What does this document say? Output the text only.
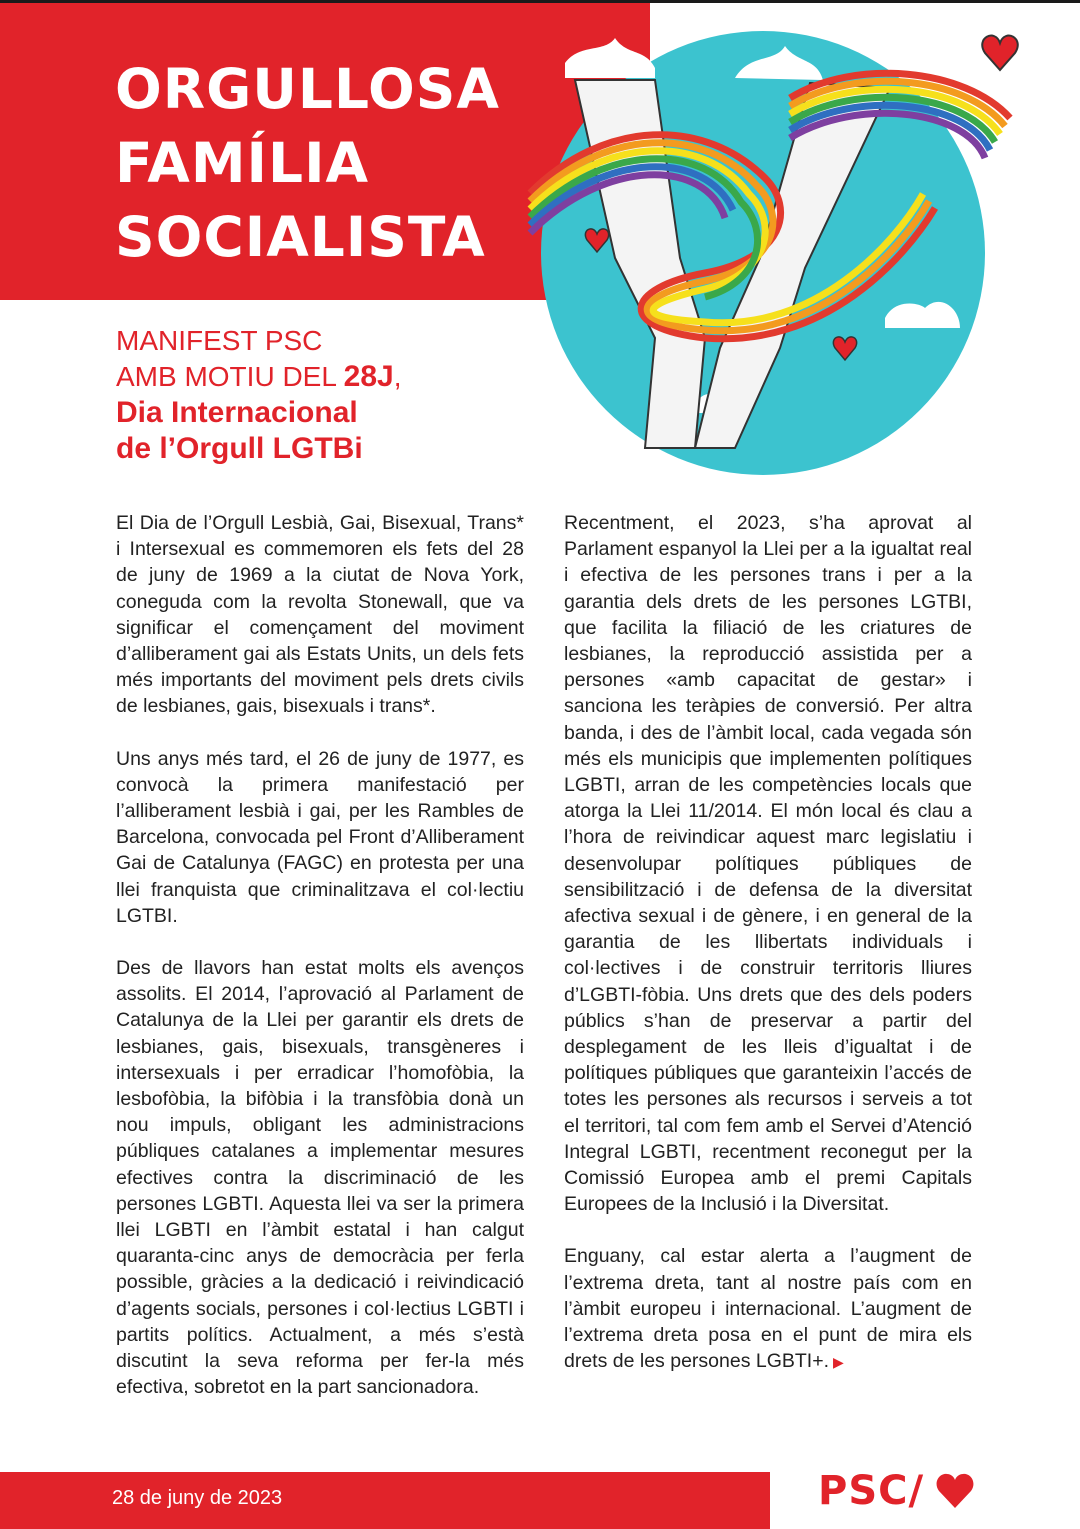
ORGULLOSA
FAMÍLIA
SOCIALISTA
MANIFEST PSC
AMB MOTIU DEL 28J,
Dia Internacional
de l’Orgull LGTBi

El Dia de l’Orgull Lesbià, Gai, Bisexual, Trans* i Intersexual es commemoren els fets del 28 de juny de 1969 a la ciutat de Nova York, coneguda com la revolta Stonewall, que va significar el començament del moviment d’alliberament gai als Estats Units, un dels fets més importants del moviment pels drets civils de lesbianes, gais, bisexuals i trans*.

Uns anys més tard, el 26 de juny de 1977, es convocà la primera manifestació per l’alliberament lesbià i gai, per les Rambles de Barcelona, convocada pel Front d’Alliberament Gai de Catalunya (FAGC) en protesta per una llei franquista que criminalitzava el col·lectiu LGTBI.

Des de llavors han estat molts els avenços assolits. El 2014, l’aprovació al Parlament de Catalunya de la Llei per garantir els drets de lesbianes, gais, bisexuals, transgèneres i intersexuals i per erradicar l’homofòbia, la lesbofòbia, la bifòbia i la transfòbia donà un nou impuls, obligant les administracions públiques catalanes a implementar mesures efectives contra la discriminació de les persones LGBTI. Aquesta llei va ser la primera llei LGBTI en l’àmbit estatal i han calgut quaranta-cinc anys de democràcia per ferla possible, gràcies a la dedicació i reivindicació d’agents socials, persones i col·lectius LGBTI i partits polítics. Actualment, a més s’està discutint la seva reforma per fer-la més efectiva, sobretot en la part sancionadora.

Recentment, el 2023, s’ha aprovat al Parlament espanyol la Llei per a la igualtat real i efectiva de les persones trans i per a la garantia dels drets de les persones LGTBI, que facilita la filiació de les criatures de lesbianes, la reproducció assistida per a persones «amb capacitat de gestar» i sanciona les teràpies de conversió. Per altra banda, i des de l’àmbit local, cada vegada són més els municipis que implementen polítiques LGBTI, arran de les competències locals que atorga la Llei 11/2014. El món local és clau a l’hora de reivindicar aquest marc legislatiu i desenvolupar polítiques públiques de sensibilització i de defensa de la diversitat afectiva sexual i de gènere, i en general de la garantia de les llibertats individuals i col·lectives i de construir territoris lliures d’LGBTI-fòbia. Uns drets que des dels poders públics s’han de preservar a partir del desplegament de les lleis d’igualtat i de polítiques públiques que garanteixin l’accés de totes les persones als recursos i serveis a tot el territori, tal com fem amb el Servei d’Atenció Integral LGBTI, recentment reconegut per la Comissió Europea amb el premi Capitals Europees de la Inclusió i la Diversitat.

Enguany, cal estar alerta a l’augment de l’extrema dreta, tant al nostre país com en l’àmbit europeu i internacional. L’augment de l’extrema dreta posa en el punt de mira els drets de les persones LGBTI+. ▶

28 de juny de 2023	PSC/
